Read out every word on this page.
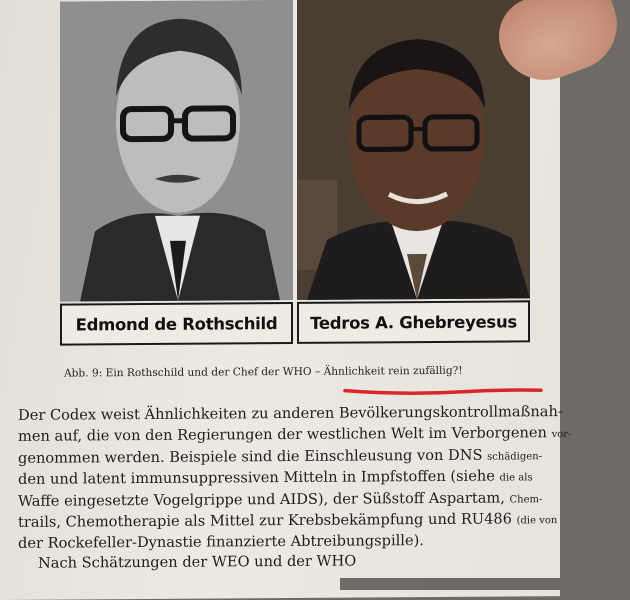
Edmond de Rothschild	Tedros A. Ghebreyesus
Abb. 9: Ein Rothschild und der Chef der WHO – Ähnlichkeit rein zufällig?!
Der Codex weist Ähnlichkeiten zu anderen Bevölkerungskontrollmaßnah-
men auf, die von den Regierungen der westlichen Welt im Verborgenen vor-
genommen werden. Beispiele sind die Einschleusung von DNS schädigen-
den und latent immunsuppressiven Mitteln in Impfstoffen (siehe die als
Waffe eingesetzte Vogelgrippe und AIDS), der Süßstoff Aspartam, Chem-
trails, Chemotherapie als Mittel zur Krebsbekämpfung und RU486 (die von
der Rockefeller-Dynastie finanzierte Abtreibungspille).
Nach Schätzungen der WEO und der WHO
